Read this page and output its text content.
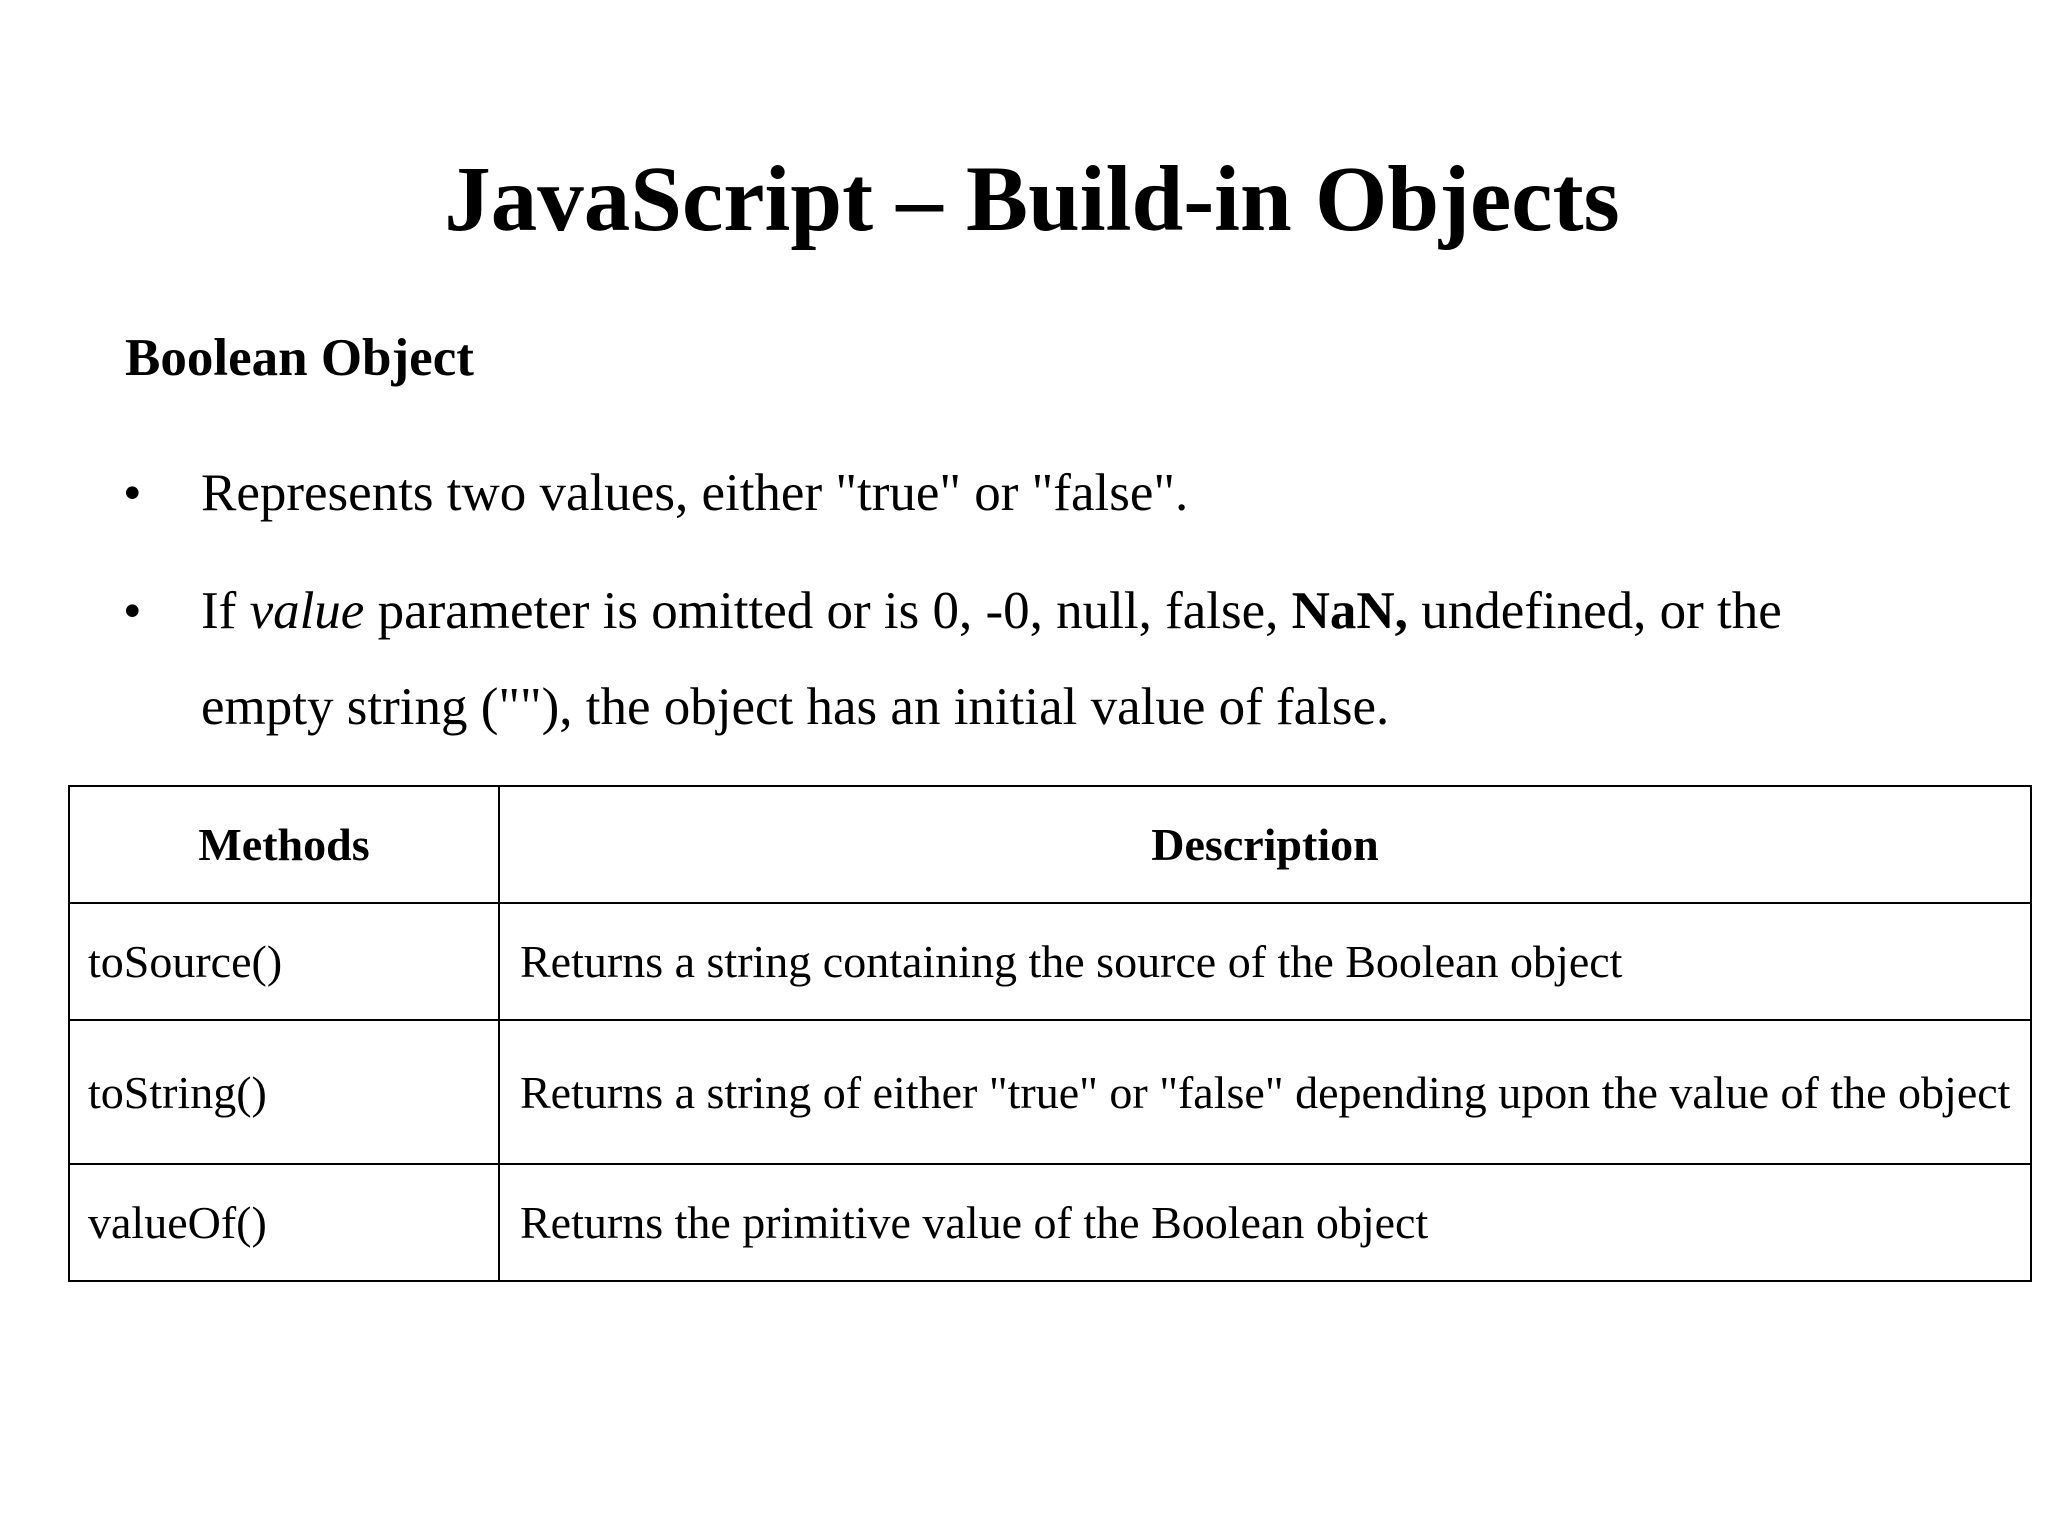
JavaScript – Build-in Objects
Boolean Object
• Represents two values, either "true" or "false".
• If value parameter is omitted or is 0, -0, null, false, NaN, undefined, or the
empty string (""), the object has an initial value of false.
Methods	Description
toSource()	Returns a string containing the source of the Boolean object
toString()	Returns a string of either "true" or "false" depending upon the value of the object
valueOf()	Returns the primitive value of the Boolean object
